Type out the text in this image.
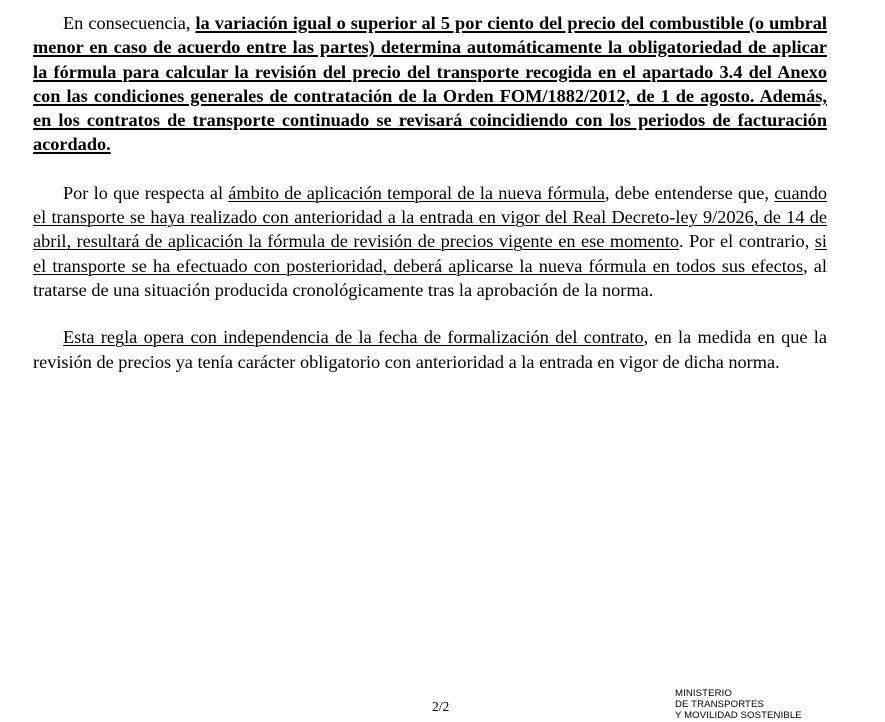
En consecuencia, la variación igual o superior al 5 por ciento del precio del combustible (o umbral menor en caso de acuerdo entre las partes) determina automáticamente la obligatoriedad de aplicar la fórmula para calcular la revisión del precio del transporte recogida en el apartado 3.4 del Anexo con las condiciones generales de contratación de la Orden FOM/1882/2012, de 1 de agosto. Además, en los contratos de transporte continuado se revisará coincidiendo con los periodos de facturación acordado.

Por lo que respecta al ámbito de aplicación temporal de la nueva fórmula, debe entenderse que, cuando el transporte se haya realizado con anterioridad a la entrada en vigor del Real Decreto-ley 9/2026, de 14 de abril, resultará de aplicación la fórmula de revisión de precios vigente en ese momento. Por el contrario, si el transporte se ha efectuado con posterioridad, deberá aplicarse la nueva fórmula en todos sus efectos, al tratarse de una situación producida cronológicamente tras la aprobación de la norma.

Esta regla opera con independencia de la fecha de formalización del contrato, en la medida en que la revisión de precios ya tenía carácter obligatorio con anterioridad a la entrada en vigor de dicha norma.

2/2
MINISTERIO
DE TRANSPORTES
Y MOVILIDAD SOSTENIBLE
